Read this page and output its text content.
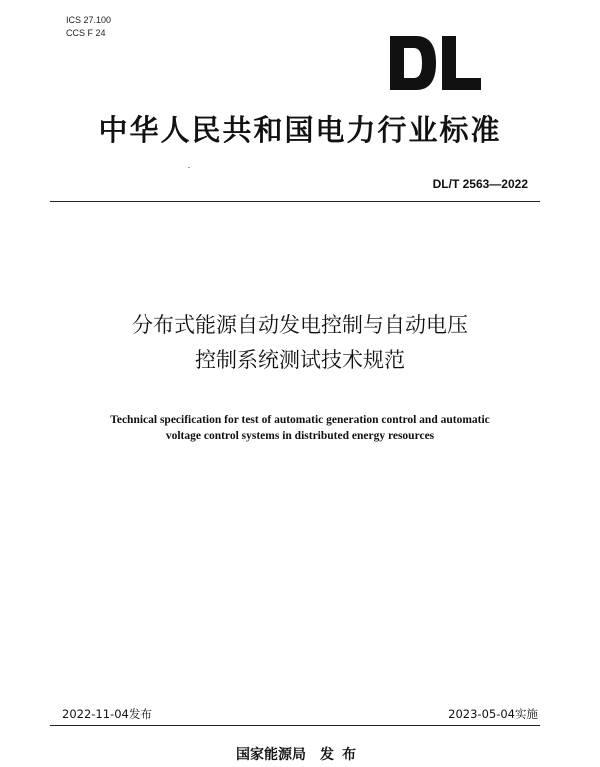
ICS 27.100
CCS F 24
中华人民共和国电力行业标准
DL/T 2563—2022
分布式能源自动发电控制与自动电压
控制系统测试技术规范
Technical specification for test of automatic generation control and automatic
voltage control systems in distributed energy resources
2022-11-04发布	2023-05-04实施
国家能源局 发布
